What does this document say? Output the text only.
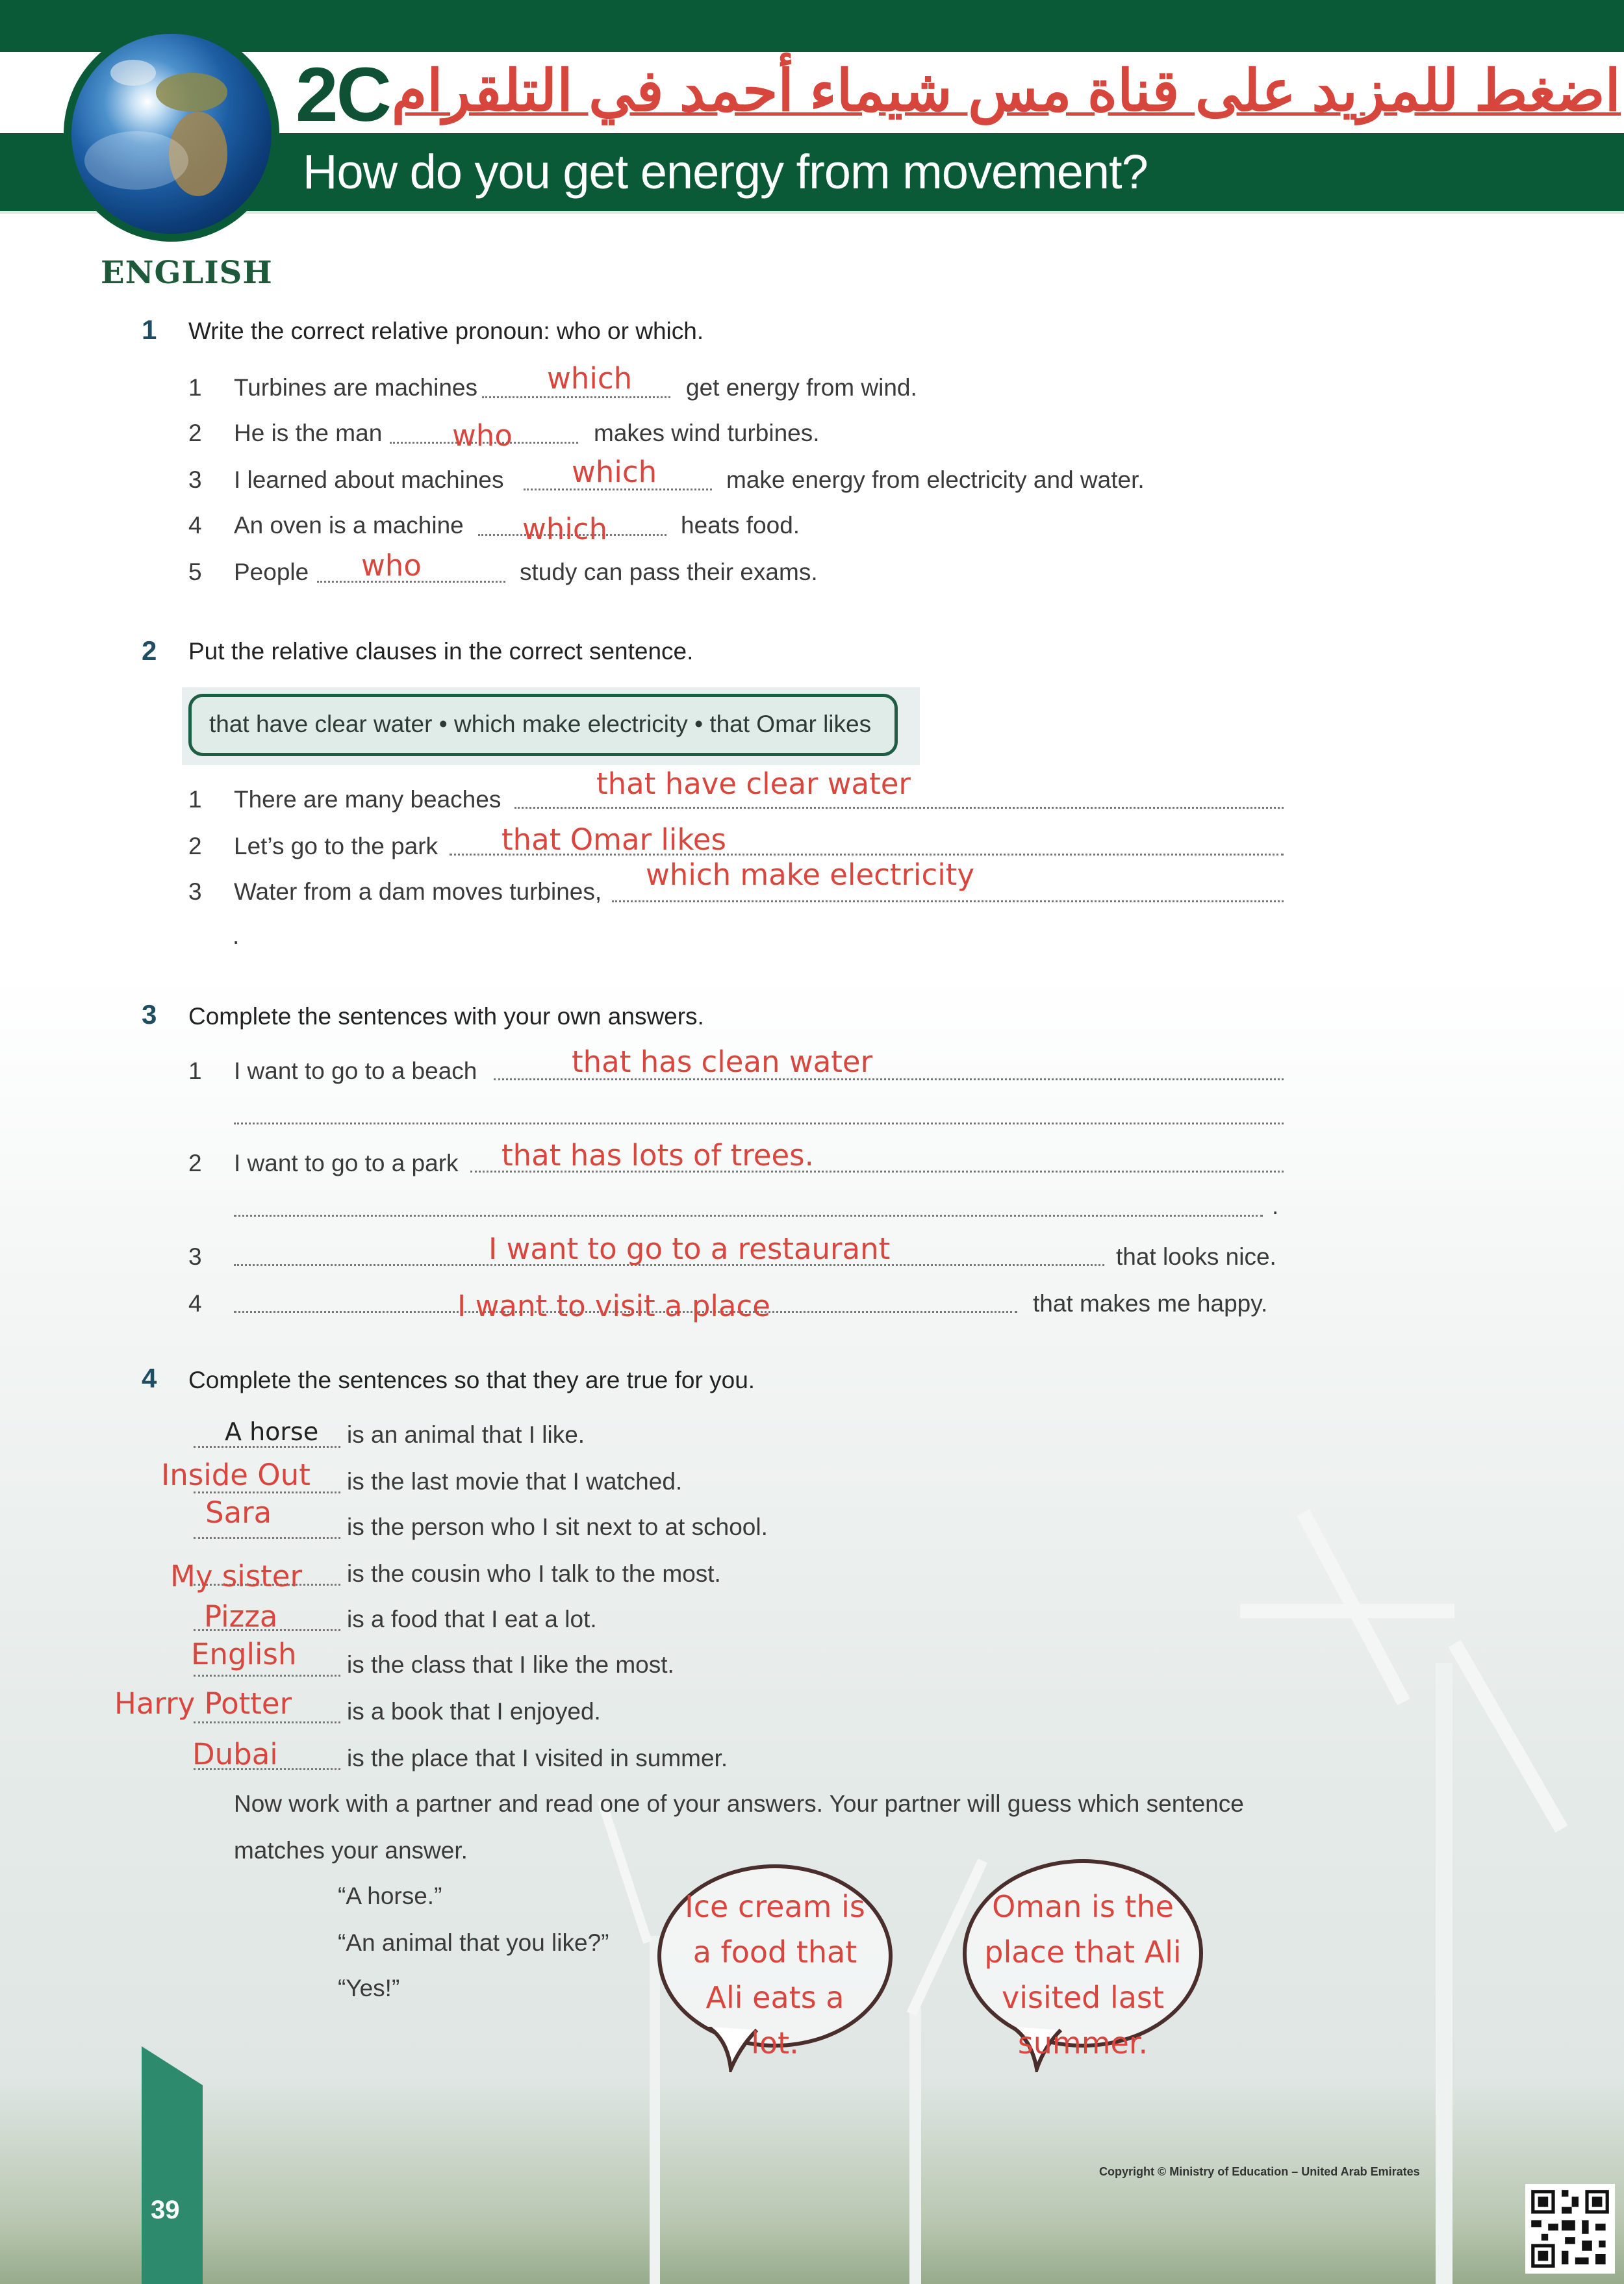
2C اضغط للمزيد على قناة مس شيماء أحمد في التلقرام
How do you get energy from movement?
ENGLISH
1 Write the correct relative pronoun: who or which.
1 Turbines are machines which get energy from wind.
2 He is the man who	makes wind turbines.
3 I learned about machines which	make energy from electricity and water.
4 An oven is a machine which	heats food.
5 People who	study can pass their exams.
2 Put the relative clauses in the correct sentence.
that have clear water • which make electricity • that Omar likes
1 There are many beaches	that have clear water
2 Let’s go to the park that Omar likes
3 Water from a dam moves turbines, which make electricity
.
3 Complete the sentences with your own answers.
1 I want to go to a beach	that has clean water
2 I want to go to a park that has lots of trees.
.
3	I want to go to a restaurant	that looks nice.
4	I want to visit a place	that makes me happy.
4 Complete the sentences so that they are true for you.
A horse is an animal that I like.
Inside Out is the last movie that I watched.
Sara	is the person who I sit next to at school.
My sister is the cousin who I talk to the most.
Pizza	is a food that I eat a lot.
English is the class that I like the most.
Harry Potter is a book that I enjoyed.
Dubai	is the place that I visited in summer.
Now work with a partner and read one of your answers. Your partner will guess which sentence
matches your answer.
“A horse.”
“An animal that you like?”
“Yes!”
Ice cream is
a food that
Ali eats a
lot.
Oman is the
place that Ali
visited last
summer.
39
Copyright © Ministry of Education – United Arab Emirates
